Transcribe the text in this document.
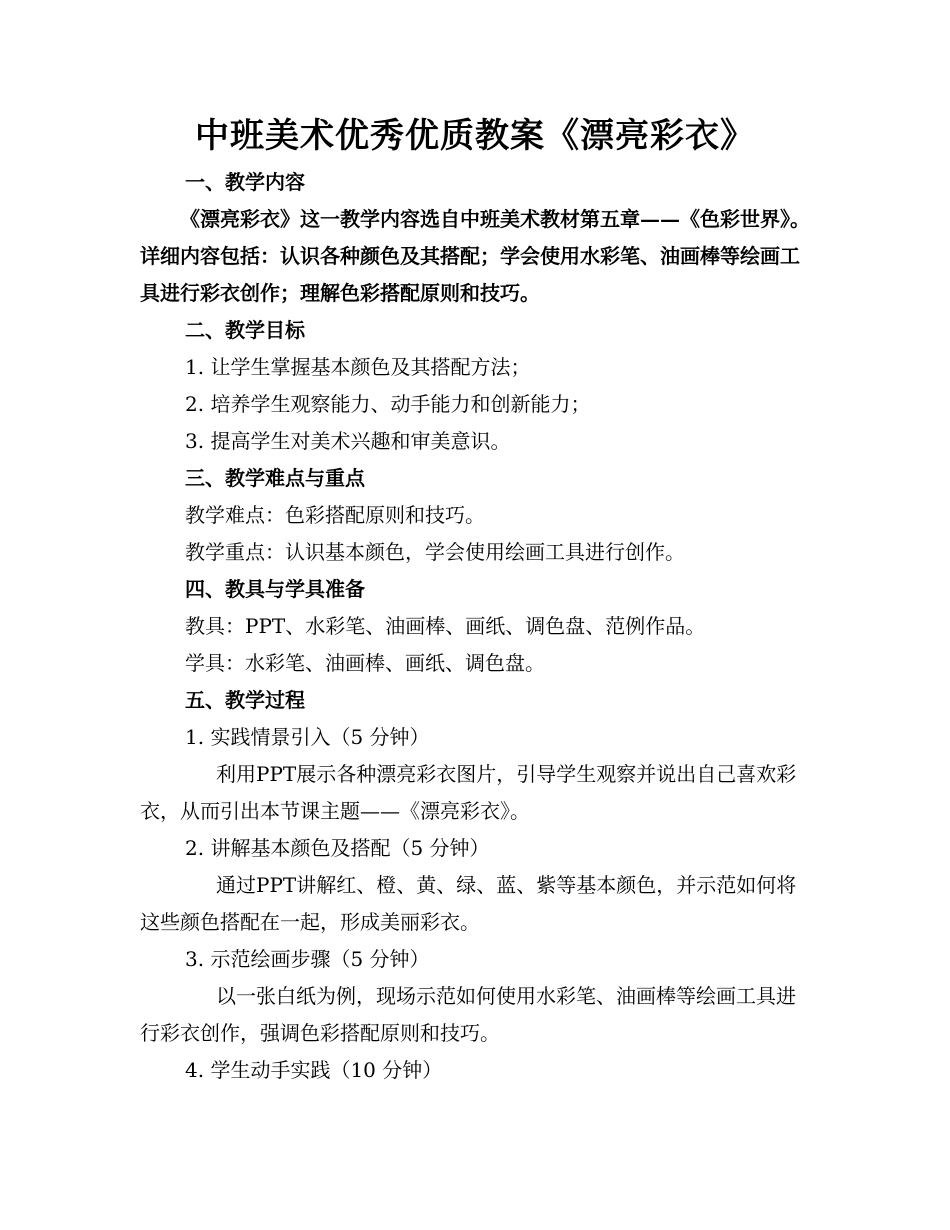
中班美术优秀优质教案《漂亮彩衣》

一、教学内容

《漂亮彩衣》这一教学内容选自中班美术教材第五章——《色彩世界》。详细内容包括：认识各种颜色及其搭配；学会使用水彩笔、油画棒等绘画工具进行彩衣创作；理解色彩搭配原则和技巧。

二、教学目标

1. 让学生掌握基本颜色及其搭配方法；

2. 培养学生观察能力、动手能力和创新能力；

3. 提高学生对美术兴趣和审美意识。

三、教学难点与重点

教学难点：色彩搭配原则和技巧。

教学重点：认识基本颜色，学会使用绘画工具进行创作。

四、教具与学具准备

教具：PPT、水彩笔、油画棒、画纸、调色盘、范例作品。

学具：水彩笔、油画棒、画纸、调色盘。

五、教学过程

1. 实践情景引入（5 分钟）

利用PPT展示各种漂亮彩衣图片，引导学生观察并说出自己喜欢彩衣，从而引出本节课主题——《漂亮彩衣》。

2. 讲解基本颜色及搭配（5 分钟）

通过PPT讲解红、橙、黄、绿、蓝、紫等基本颜色，并示范如何将这些颜色搭配在一起，形成美丽彩衣。

3. 示范绘画步骤（5 分钟）

以一张白纸为例，现场示范如何使用水彩笔、油画棒等绘画工具进行彩衣创作，强调色彩搭配原则和技巧。

4. 学生动手实践（10 分钟）
